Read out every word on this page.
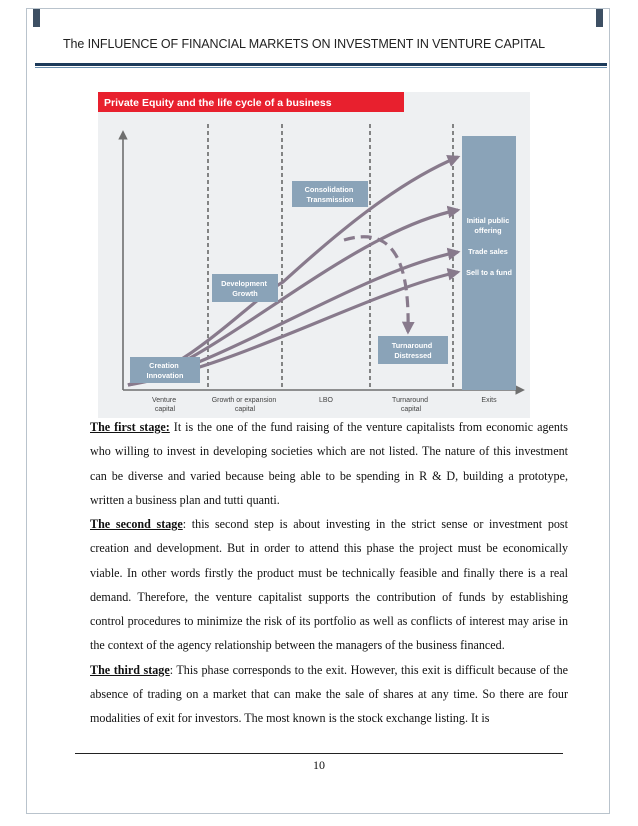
The INFLUENCE OF FINANCIAL MARKETS ON INVESTMENT IN VENTURE CAPITAL
Private Equity and the life cycle of a business
Initial public offering Trade sales Sell to a fund
Creation Innovation
Development Growth
Consolidation Transmission
Turnaround Distressed
Venture capital
Growth or expansion capital
LBO	Turnaround capital
Exits

The first stage: It is the one of the fund raising of the venture capitalists from economic agents who willing to invest in developing societies which are not listed. The nature of this investment can be diverse and varied because being able to be spending in R & D, building a prototype, written a business plan and tutti quanti.

The second stage: this second step is about investing in the strict sense or investment post creation and development. But in order to attend this phase the project must be economically viable. In other words firstly the product must be technically feasible and finally there is a real demand. Therefore, the venture capitalist supports the contribution of funds by establishing control procedures to minimize the risk of its portfolio as well as conflicts of interest may arise in the context of the agency relationship between the managers of the business financed.

The third stage: This phase corresponds to the exit. However, this exit is difficult because of the absence of trading on a market that can make the sale of shares at any time. So there are four modalities of exit for investors. The most known is the stock exchange listing. It is

10
